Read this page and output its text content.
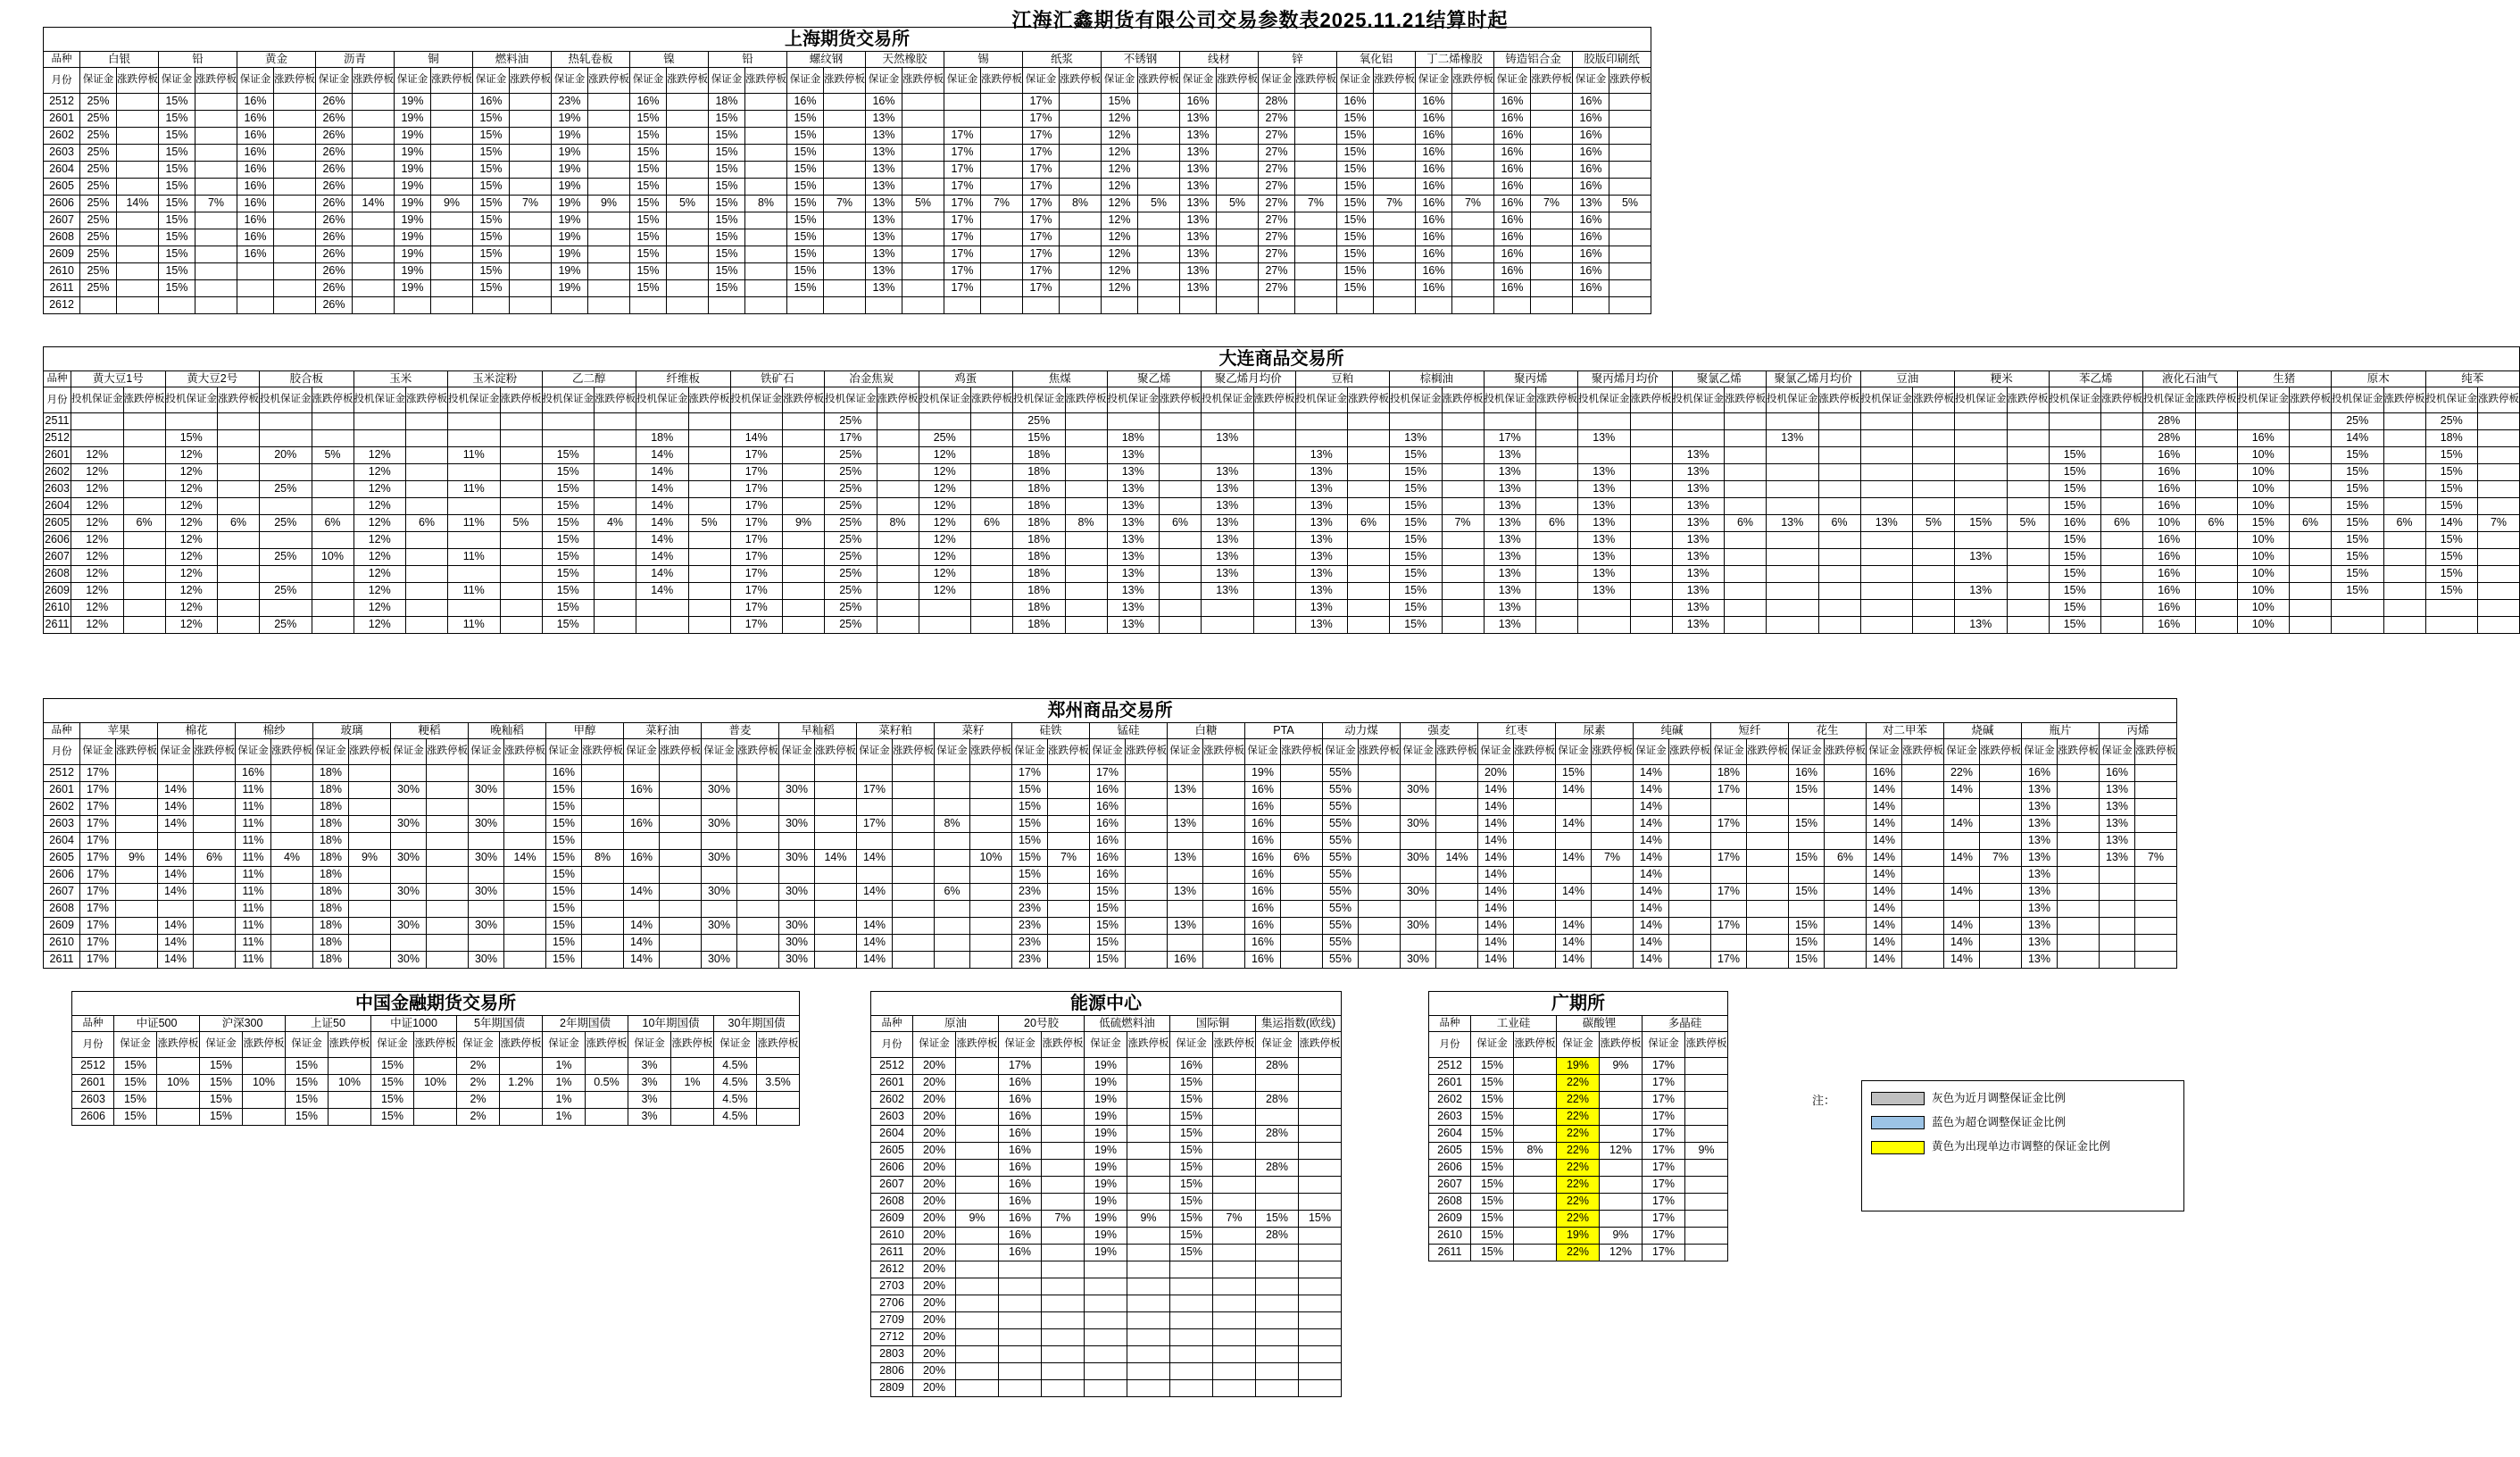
江海汇鑫期货有限公司交易参数表2025.11.21结算时起
上海期货交易所																																								
品种	白银		铅		黄金		沥青		铜		燃料油		热轧卷板		镍		铅		螺纹钢		天然橡胶		锡		纸浆		不锈钢		线材		锌		氧化铝		丁二烯橡胶		铸造铝合金		胶版印刷纸	
月份	保证金	涨跌停板	保证金	涨跌停板	保证金	涨跌停板	保证金	涨跌停板	保证金	涨跌停板	保证金	涨跌停板	保证金	涨跌停板	保证金	涨跌停板	保证金	涨跌停板	保证金	涨跌停板	保证金	涨跌停板	保证金	涨跌停板	保证金	涨跌停板	保证金	涨跌停板	保证金	涨跌停板	保证金	涨跌停板	保证金	涨跌停板	保证金	涨跌停板	保证金	涨跌停板	保证金	涨跌停板
2512	25%		15%		16%		26%		19%		16%		23%		16%		18%		16%		16%				17%		15%		16%		28%		16%		16%		16%		16%	
2601	25%		15%		16%		26%		19%		15%		19%		15%		15%		15%		13%				17%		12%		13%		27%		15%		16%		16%		16%	
2602	25%		15%		16%		26%		19%		15%		19%		15%		15%		15%		13%		17%		17%		12%		13%		27%		15%		16%		16%		16%	
2603	25%		15%		16%		26%		19%		15%		19%		15%		15%		15%		13%		17%		17%		12%		13%		27%		15%		16%		16%		16%	
2604	25%		15%		16%		26%		19%		15%		19%		15%		15%		15%		13%		17%		17%		12%		13%		27%		15%		16%		16%		16%	
2605	25%		15%		16%		26%		19%		15%		19%		15%		15%		15%		13%		17%		17%		12%		13%		27%		15%		16%		16%		16%	
2606	25%	14%	15%	7%	16%		26%	14%	19%	9%	15%	7%	19%	9%	15%	5%	15%	8%	15%	7%	13%	5%	17%	7%	17%	8%	12%	5%	13%	5%	27%	7%	15%	7%	16%	7%	16%	7%	13%	5%
2607	25%		15%		16%		26%		19%		15%		19%		15%		15%		15%		13%		17%		17%		12%		13%		27%		15%		16%		16%		16%	
2608	25%		15%		16%		26%		19%		15%		19%		15%		15%		15%		13%		17%		17%		12%		13%		27%		15%		16%		16%		16%	
2609	25%		15%		16%		26%		19%		15%		19%		15%		15%		15%		13%		17%		17%		12%		13%		27%		15%		16%		16%		16%	
2610	25%		15%				26%		19%		15%		19%		15%		15%		15%		13%		17%		17%		12%		13%		27%		15%		16%		16%		16%	
2611	25%		15%				26%		19%		15%		19%		15%		15%		15%		13%		17%		17%		12%		13%		27%		15%		16%		16%		16%	
2612							26%																																	
大连商品交易所																																																				
品种	黄大豆1号		黄大豆2号		胶合板		玉米		玉米淀粉		乙二醇		纤维板		铁矿石		冶金焦炭		鸡蛋		焦煤		聚乙烯		聚乙烯月均价		豆粕		棕榈油		聚丙烯		聚丙烯月均价		聚氯乙烯		聚氯乙烯月均价		豆油		粳米		苯乙烯		液化石油气		生猪		原木		纯苯	
月份	投机保证金	涨跌停板	投机保证金	涨跌停板	投机保证金	涨跌停板	投机保证金	涨跌停板	投机保证金	涨跌停板	投机保证金	涨跌停板	投机保证金	涨跌停板	投机保证金	涨跌停板	投机保证金	涨跌停板	投机保证金	涨跌停板	投机保证金	涨跌停板	投机保证金	涨跌停板	投机保证金	涨跌停板	投机保证金	涨跌停板	投机保证金	涨跌停板	投机保证金	涨跌停板	投机保证金	涨跌停板	投机保证金	涨跌停板	投机保证金	涨跌停板	投机保证金	涨跌停板	投机保证金	涨跌停板	投机保证金	涨跌停板	投机保证金	涨跌停板	投机保证金	涨跌停板	投机保证金	涨跌停板	投机保证金	涨跌停板
2511																	25%				25%																								28%				25%		25%	
2512			15%										18%		14%		17%		25%		15%		18%		13%				13%		17%		13%				13%								28%		16%		14%		18%	
2601	12%		12%		20%	5%	12%		11%		15%		14%		17%		25%		12%		18%		13%				13%		15%		13%				13%								15%		16%		10%		15%		15%	
2602	12%		12%				12%				15%		14%		17%		25%		12%		18%		13%		13%		13%		15%		13%		13%		13%								15%		16%		10%		15%		15%	
2603	12%		12%		25%		12%		11%		15%		14%		17%		25%		12%		18%		13%		13%		13%		15%		13%		13%		13%								15%		16%		10%		15%		15%	
2604	12%		12%				12%				15%		14%		17%		25%		12%		18%		13%		13%		13%		15%		13%		13%		13%								15%		16%		10%		15%		15%	
2605	12%	6%	12%	6%	25%	6%	12%	6%	11%	5%	15%	4%	14%	5%	17%	9%	25%	8%	12%	6%	18%	8%	13%	6%	13%		13%	6%	15%	7%	13%	6%	13%		13%	6%	13%	6%	13%	5%	15%	5%	16%	6%	10%	6%	15%	6%	15%	6%	14%	7%
2606	12%		12%				12%				15%		14%		17%		25%		12%		18%		13%		13%		13%		15%		13%		13%		13%								15%		16%		10%		15%		15%	
2607	12%		12%		25%	10%	12%		11%		15%		14%		17%		25%		12%		18%		13%		13%		13%		15%		13%		13%		13%						13%		15%		16%		10%		15%		15%	
2608	12%		12%				12%				15%		14%		17%		25%		12%		18%		13%		13%		13%		15%		13%		13%		13%								15%		16%		10%		15%		15%	
2609	12%		12%		25%		12%		11%		15%		14%		17%		25%		12%		18%		13%		13%		13%		15%		13%		13%		13%						13%		15%		16%		10%		15%		15%	
2610	12%		12%				12%				15%				17%		25%				18%		13%				13%		15%		13%				13%								15%		16%		10%					
2611	12%		12%		25%		12%		11%		15%				17%		25%				18%		13%				13%		15%		13%				13%						13%		15%		16%		10%					
郑州商品交易所																																																						
品种	苹果		棉花		棉纱		玻璃		粳稻		晚籼稻		甲醇		菜籽油		普麦		早籼稻		菜籽粕		菜籽		硅铁		锰硅		白糖		PTA		动力煤		强麦		红枣		尿素		纯碱		短纤		花生		对二甲苯		烧碱		瓶片		丙烯	
月份	保证金	涨跌停板	保证金	涨跌停板	保证金	涨跌停板	保证金	涨跌停板	保证金	涨跌停板	保证金	涨跌停板	保证金	涨跌停板	保证金	涨跌停板	保证金	涨跌停板	保证金	涨跌停板	保证金	涨跌停板	保证金	涨跌停板	保证金	涨跌停板	保证金	涨跌停板	保证金	涨跌停板	保证金	涨跌停板	保证金	涨跌停板	保证金	涨跌停板	保证金	涨跌停板	保证金	涨跌停板	保证金	涨跌停板	保证金	涨跌停板	保证金	涨跌停板	保证金	涨跌停板	保证金	涨跌停板	保证金	涨跌停板	保证金	涨跌停板
2512	17%				16%		18%						16%												17%		17%				19%		55%				20%		15%		14%		18%		16%		16%		22%		16%		16%	
2601	17%		14%		11%		18%		30%		30%		15%		16%		30%		30%		17%				15%		16%		13%		16%		55%		30%		14%		14%		14%		17%		15%		14%		14%		13%		13%	
2602	17%		14%		11%		18%						15%												15%		16%				16%		55%				14%				14%						14%				13%		13%	
2603	17%		14%		11%		18%		30%		30%		15%		16%		30%		30%		17%		8%		15%		16%		13%		16%		55%		30%		14%		14%		14%		17%		15%		14%		14%		13%		13%	
2604	17%				11%		18%						15%												15%		16%				16%		55%				14%				14%						14%				13%		13%	
2605	17%	9%	14%	6%	11%	4%	18%	9%	30%		30%	14%	15%	8%	16%		30%		30%	14%	14%			10%	15%	7%	16%		13%		16%	6%	55%		30%	14%	14%		14%	7%	14%		17%		15%	6%	14%		14%	7%	13%		13%	7%
2606	17%		14%		11%		18%						15%												15%		16%				16%		55%				14%				14%						14%				13%			
2607	17%		14%		11%		18%		30%		30%		15%		14%		30%		30%		14%		6%		23%		15%		13%		16%		55%		30%		14%		14%		14%		17%		15%		14%		14%		13%			
2608	17%				11%		18%						15%												23%		15%				16%		55%				14%				14%						14%				13%			
2609	17%		14%		11%		18%		30%		30%		15%		14%		30%		30%		14%				23%		15%		13%		16%		55%		30%		14%		14%		14%		17%		15%		14%		14%		13%			
2610	17%		14%		11%		18%						15%		14%				30%		14%				23%		15%				16%		55%				14%		14%		14%				15%		14%		14%		13%			
2611	17%		14%		11%		18%		30%		30%		15%		14%		30%		30%		14%				23%		15%		16%		16%		55%		30%		14%		14%		14%		17%		15%		14%		14%		13%			
中国金融期货交易所																
品种	中证500		沪深300		上证50		中证1000		5年期国债		2年期国债		10年期国债		30年期国债	
月份	保证金	涨跌停板	保证金	涨跌停板	保证金	涨跌停板	保证金	涨跌停板	保证金	涨跌停板	保证金	涨跌停板	保证金	涨跌停板	保证金	涨跌停板
2512	15%		15%		15%		15%		2%		1%		3%		4.5%	
2601	15%	10%	15%	10%	15%	10%	15%	10%	2%	1.2%	1%	0.5%	3%	1%	4.5%	3.5%
2603	15%		15%		15%		15%		2%		1%		3%		4.5%	
2606	15%		15%		15%		15%		2%		1%		3%		4.5%	
能源中心										
品种	原油		20号胶		低硫燃料油		国际铜		集运指数(欧线)	
月份	保证金	涨跌停板	保证金	涨跌停板	保证金	涨跌停板	保证金	涨跌停板	保证金	涨跌停板
2512	20%		17%		19%		16%		28%	
2601	20%		16%		19%		15%			
2602	20%		16%		19%		15%		28%	
2603	20%		16%		19%		15%			
2604	20%		16%		19%		15%		28%	
2605	20%		16%		19%		15%			
2606	20%		16%		19%		15%		28%	
2607	20%		16%		19%		15%			
2608	20%		16%		19%		15%			
2609	20%	9%	16%	7%	19%	9%	15%	7%	15%	15%
2610	20%		16%		19%		15%		28%	
2611	20%		16%		19%		15%			
2612	20%									
2703	20%									
2706	20%									
2709	20%									
2712	20%									
2803	20%									
2806	20%									
2809	20%									
广期所						
品种	工业硅		碳酸锂		多晶硅	
月份	保证金	涨跌停板	保证金	涨跌停板	保证金	涨跌停板
2512	15%		19%	9%	17%	
2601	15%		22%		17%	
2602	15%		22%		17%	
2603	15%		22%		17%	
2604	15%		22%		17%	
2605	15%	8%	22%	12%	17%	9%
2606	15%		22%		17%	
2607	15%		22%		17%	
2608	15%		22%		17%	
2609	15%		22%		17%	
2610	15%		19%	9%	17%	
2611	15%		22%	12%	17%	
注：	灰色为近月调整保证金比例
蓝色为超仓调整保证金比例
黄色为出现单边市调整的保证金比例
